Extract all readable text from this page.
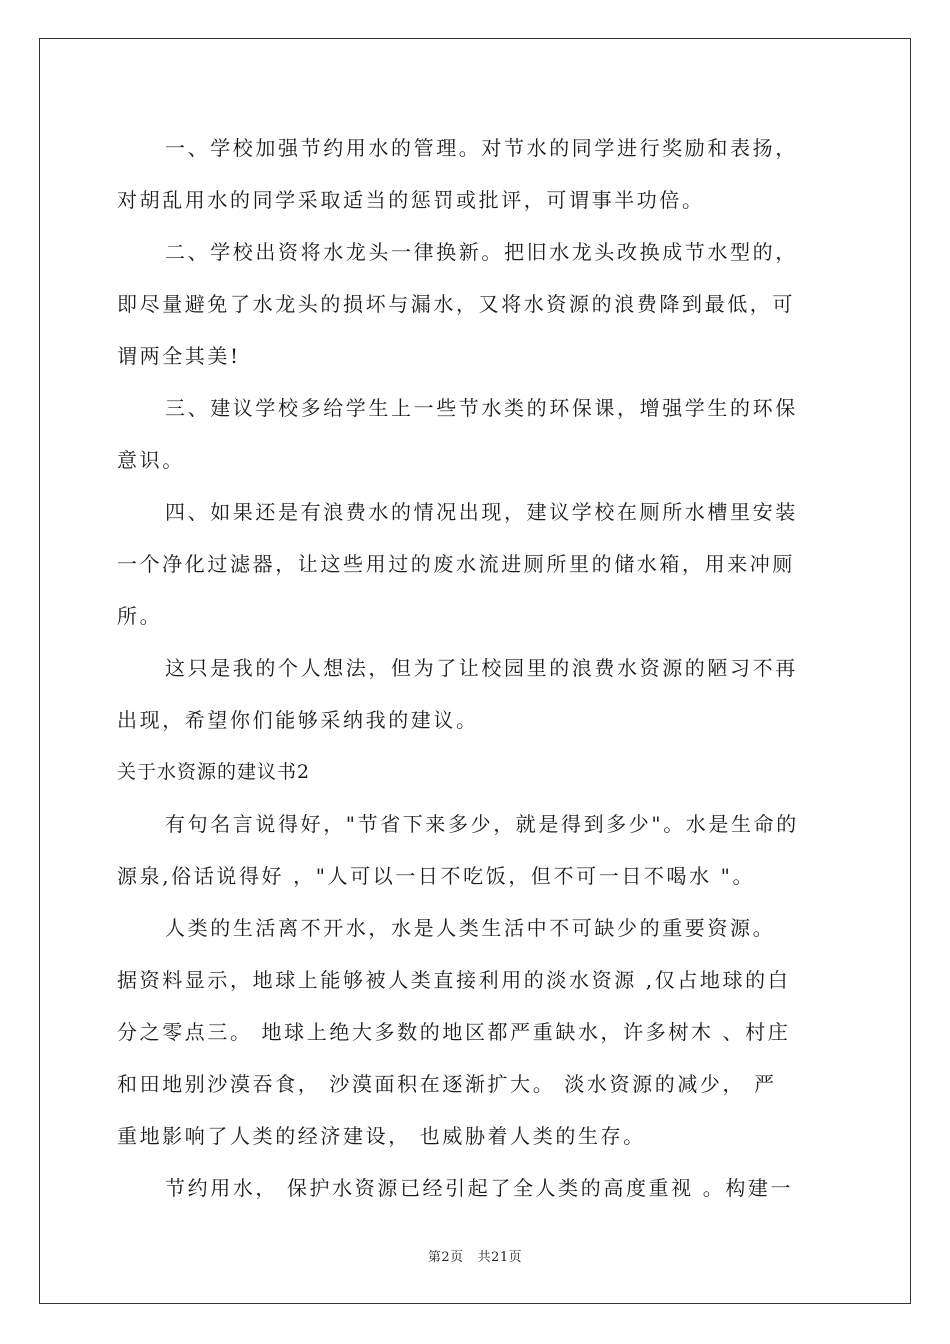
一、学校加强节约用水的管理。对节水的同学进行奖励和表扬，
对胡乱用水的同学采取适当的惩罚或批评，可谓事半功倍。
二、学校出资将水龙头一律换新。把旧水龙头改换成节水型的，
即尽量避免了水龙头的损坏与漏水，又将水资源的浪费降到最低，可
谓两全其美!
三、建议学校多给学生上一些节水类的环保课，增强学生的环保
意识。
四、如果还是有浪费水的情况出现，建议学校在厕所水槽里安装
一个净化过滤器，让这些用过的废水流进厕所里的储水箱，用来冲厕
所。
这只是我的个人想法，但为了让校园里的浪费水资源的陋习不再
出现，希望你们能够采纳我的建议。
关于水资源的建议书2
有句名言说得好，"节省下来多少，就是得到多少"。水是生命的
源泉,俗话说得好 ，"人可以一日不吃饭，但不可一日不喝水 "。
人类的生活离不开水，水是人类生活中不可缺少的重要资源。
据资料显示，地球上能够被人类直接利用的淡水资源 ,仅占地球的白
分之零点三。 地球上绝大多数的地区都严重缺水，许多树木 、村庄
和田地别沙漠吞食， 沙漠面积在逐渐扩大。 淡水资源的减少， 严
重地影响了人类的经济建设， 也威胁着人类的生存。
节约用水， 保护水资源已经引起了全人类的高度重视 。构建一
第2页 共21页
